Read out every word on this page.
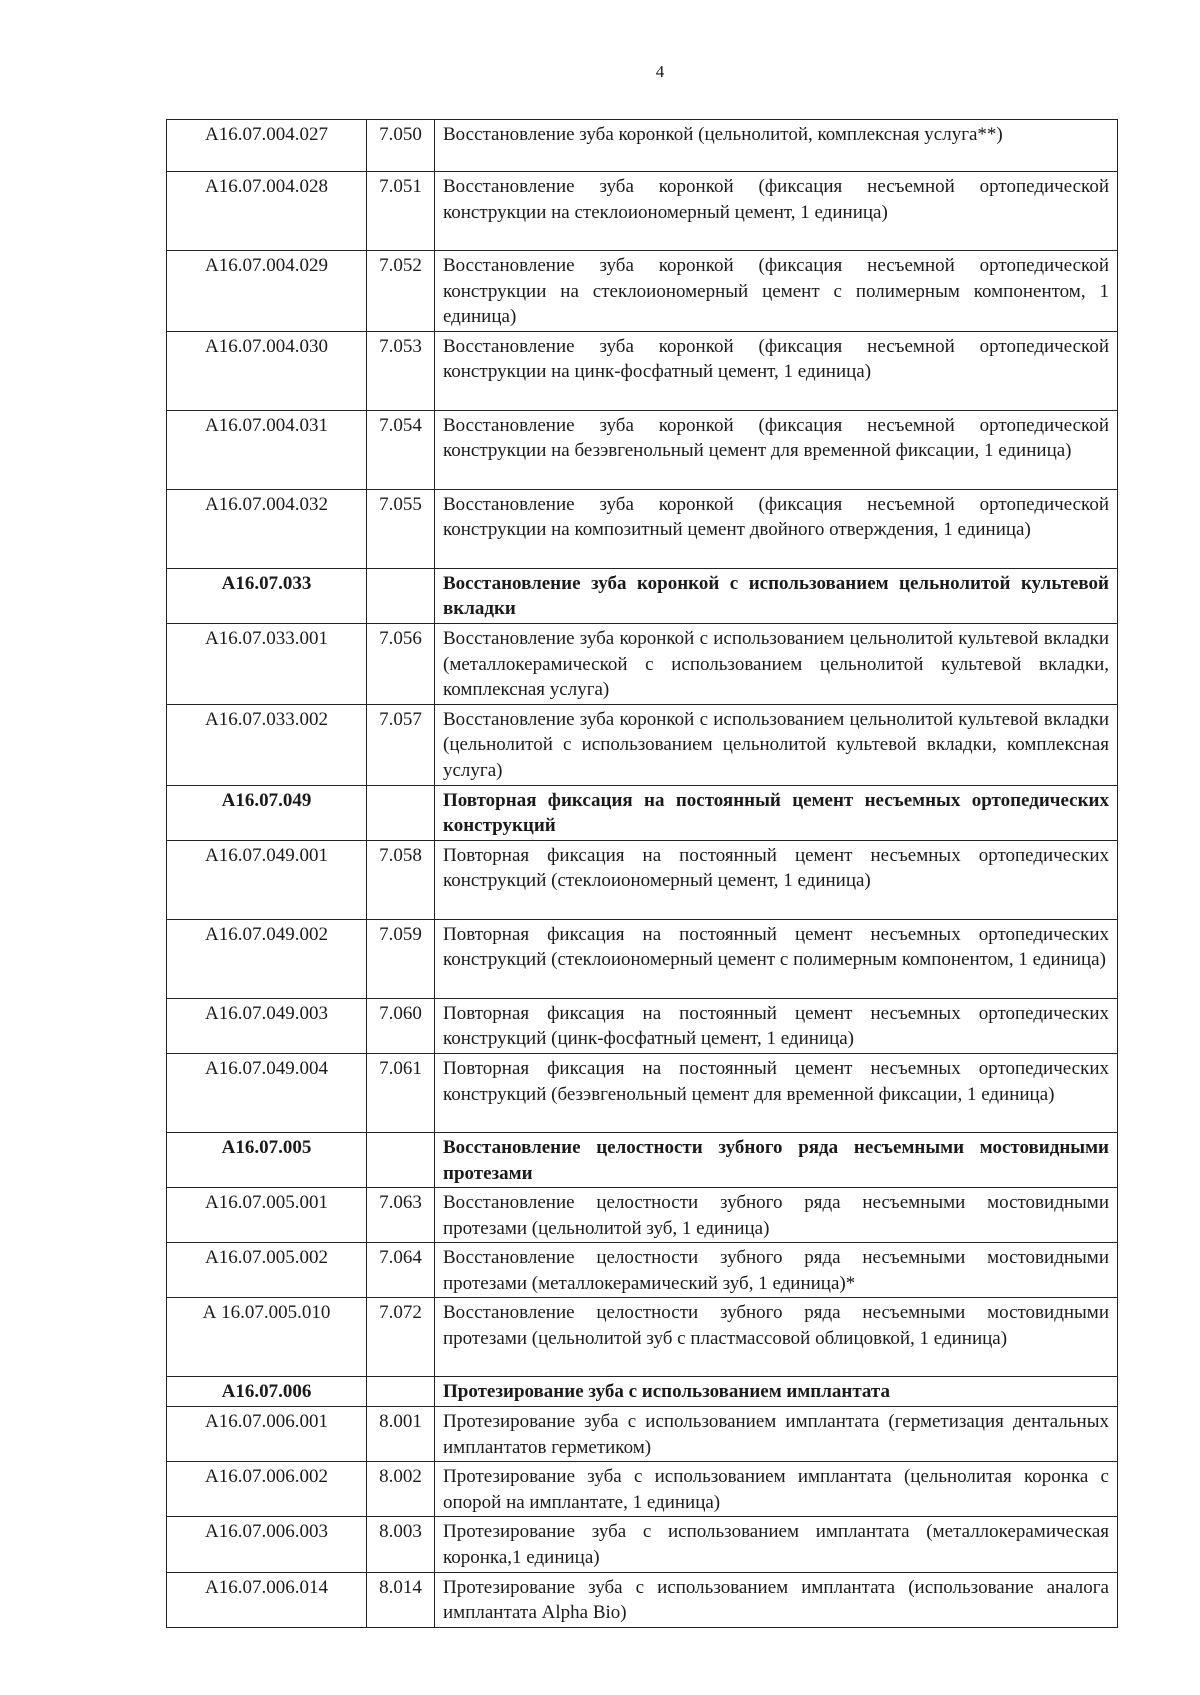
4
А16.07.004.027	7.050	Восстановление зуба коронкой (цельнолитой, комплексная услуга**)
А16.07.004.028	7.051	Восстановление зуба коронкой (фиксация несъемной ортопедической конструкции на стеклоиономерный цемент, 1 единица)
А16.07.004.029	7.052	Восстановление зуба коронкой (фиксация несъемной ортопедической конструкции на стеклоиономерный цемент с полимерным компонентом, 1 единица)
А16.07.004.030	7.053	Восстановление зуба коронкой (фиксация несъемной ортопедической конструкции на цинк-фосфатный цемент, 1 единица)
А16.07.004.031	7.054	Восстановление зуба коронкой (фиксация несъемной ортопедической конструкции на безэвгенольный цемент для временной фиксации, 1 единица)
А16.07.004.032	7.055	Восстановление зуба коронкой (фиксация несъемной ортопедической конструкции на композитный цемент двойного отверждения, 1 единица)
А16.07.033		Восстановление зуба коронкой с использованием цельнолитой культевой вкладки
А16.07.033.001	7.056	Восстановление зуба коронкой с использованием цельнолитой культевой вкладки (металлокерамической с использованием цельнолитой культевой вкладки, комплексная услуга)
А16.07.033.002	7.057	Восстановление зуба коронкой с использованием цельнолитой культевой вкладки (цельнолитой с использованием цельнолитой культевой вкладки, комплексная услуга)
А16.07.049		Повторная фиксация на постоянный цемент несъемных ортопедических конструкций
А16.07.049.001	7.058	Повторная фиксация на постоянный цемент несъемных ортопедических конструкций (стеклоиономерный цемент, 1 единица)
А16.07.049.002	7.059	Повторная фиксация на постоянный цемент несъемных ортопедических конструкций (стеклоиономерный цемент с полимерным компонентом, 1 единица)
А16.07.049.003	7.060	Повторная фиксация на постоянный цемент несъемных ортопедических конструкций (цинк-фосфатный цемент, 1 единица)
А16.07.049.004	7.061	Повторная фиксация на постоянный цемент несъемных ортопедических конструкций (безэвгенольный цемент для временной фиксации, 1 единица)
А16.07.005		Восстановление целостности зубного ряда несъемными мостовидными протезами
А16.07.005.001	7.063	Восстановление целостности зубного ряда несъемными мостовидными протезами (цельнолитой зуб, 1 единица)
А16.07.005.002	7.064	Восстановление целостности зубного ряда несъемными мостовидными протезами (металлокерамический зуб, 1 единица)*
А 16.07.005.010	7.072	Восстановление целостности зубного ряда несъемными мостовидными протезами (цельнолитой зуб с пластмассовой облицовкой, 1 единица)
А16.07.006		Протезирование зуба с использованием имплантата
А16.07.006.001	8.001	Протезирование зуба с использованием имплантата (герметизация дентальных имплантатов герметиком)
А16.07.006.002	8.002	Протезирование зуба с использованием имплантата (цельнолитая коронка с опорой на имплантате, 1 единица)
А16.07.006.003	8.003	Протезирование зуба с использованием имплантата (металлокерамическая коронка,1 единица)
А16.07.006.014	8.014	Протезирование зуба с использованием имплантата (использование аналога имплантата Alpha Bio)
